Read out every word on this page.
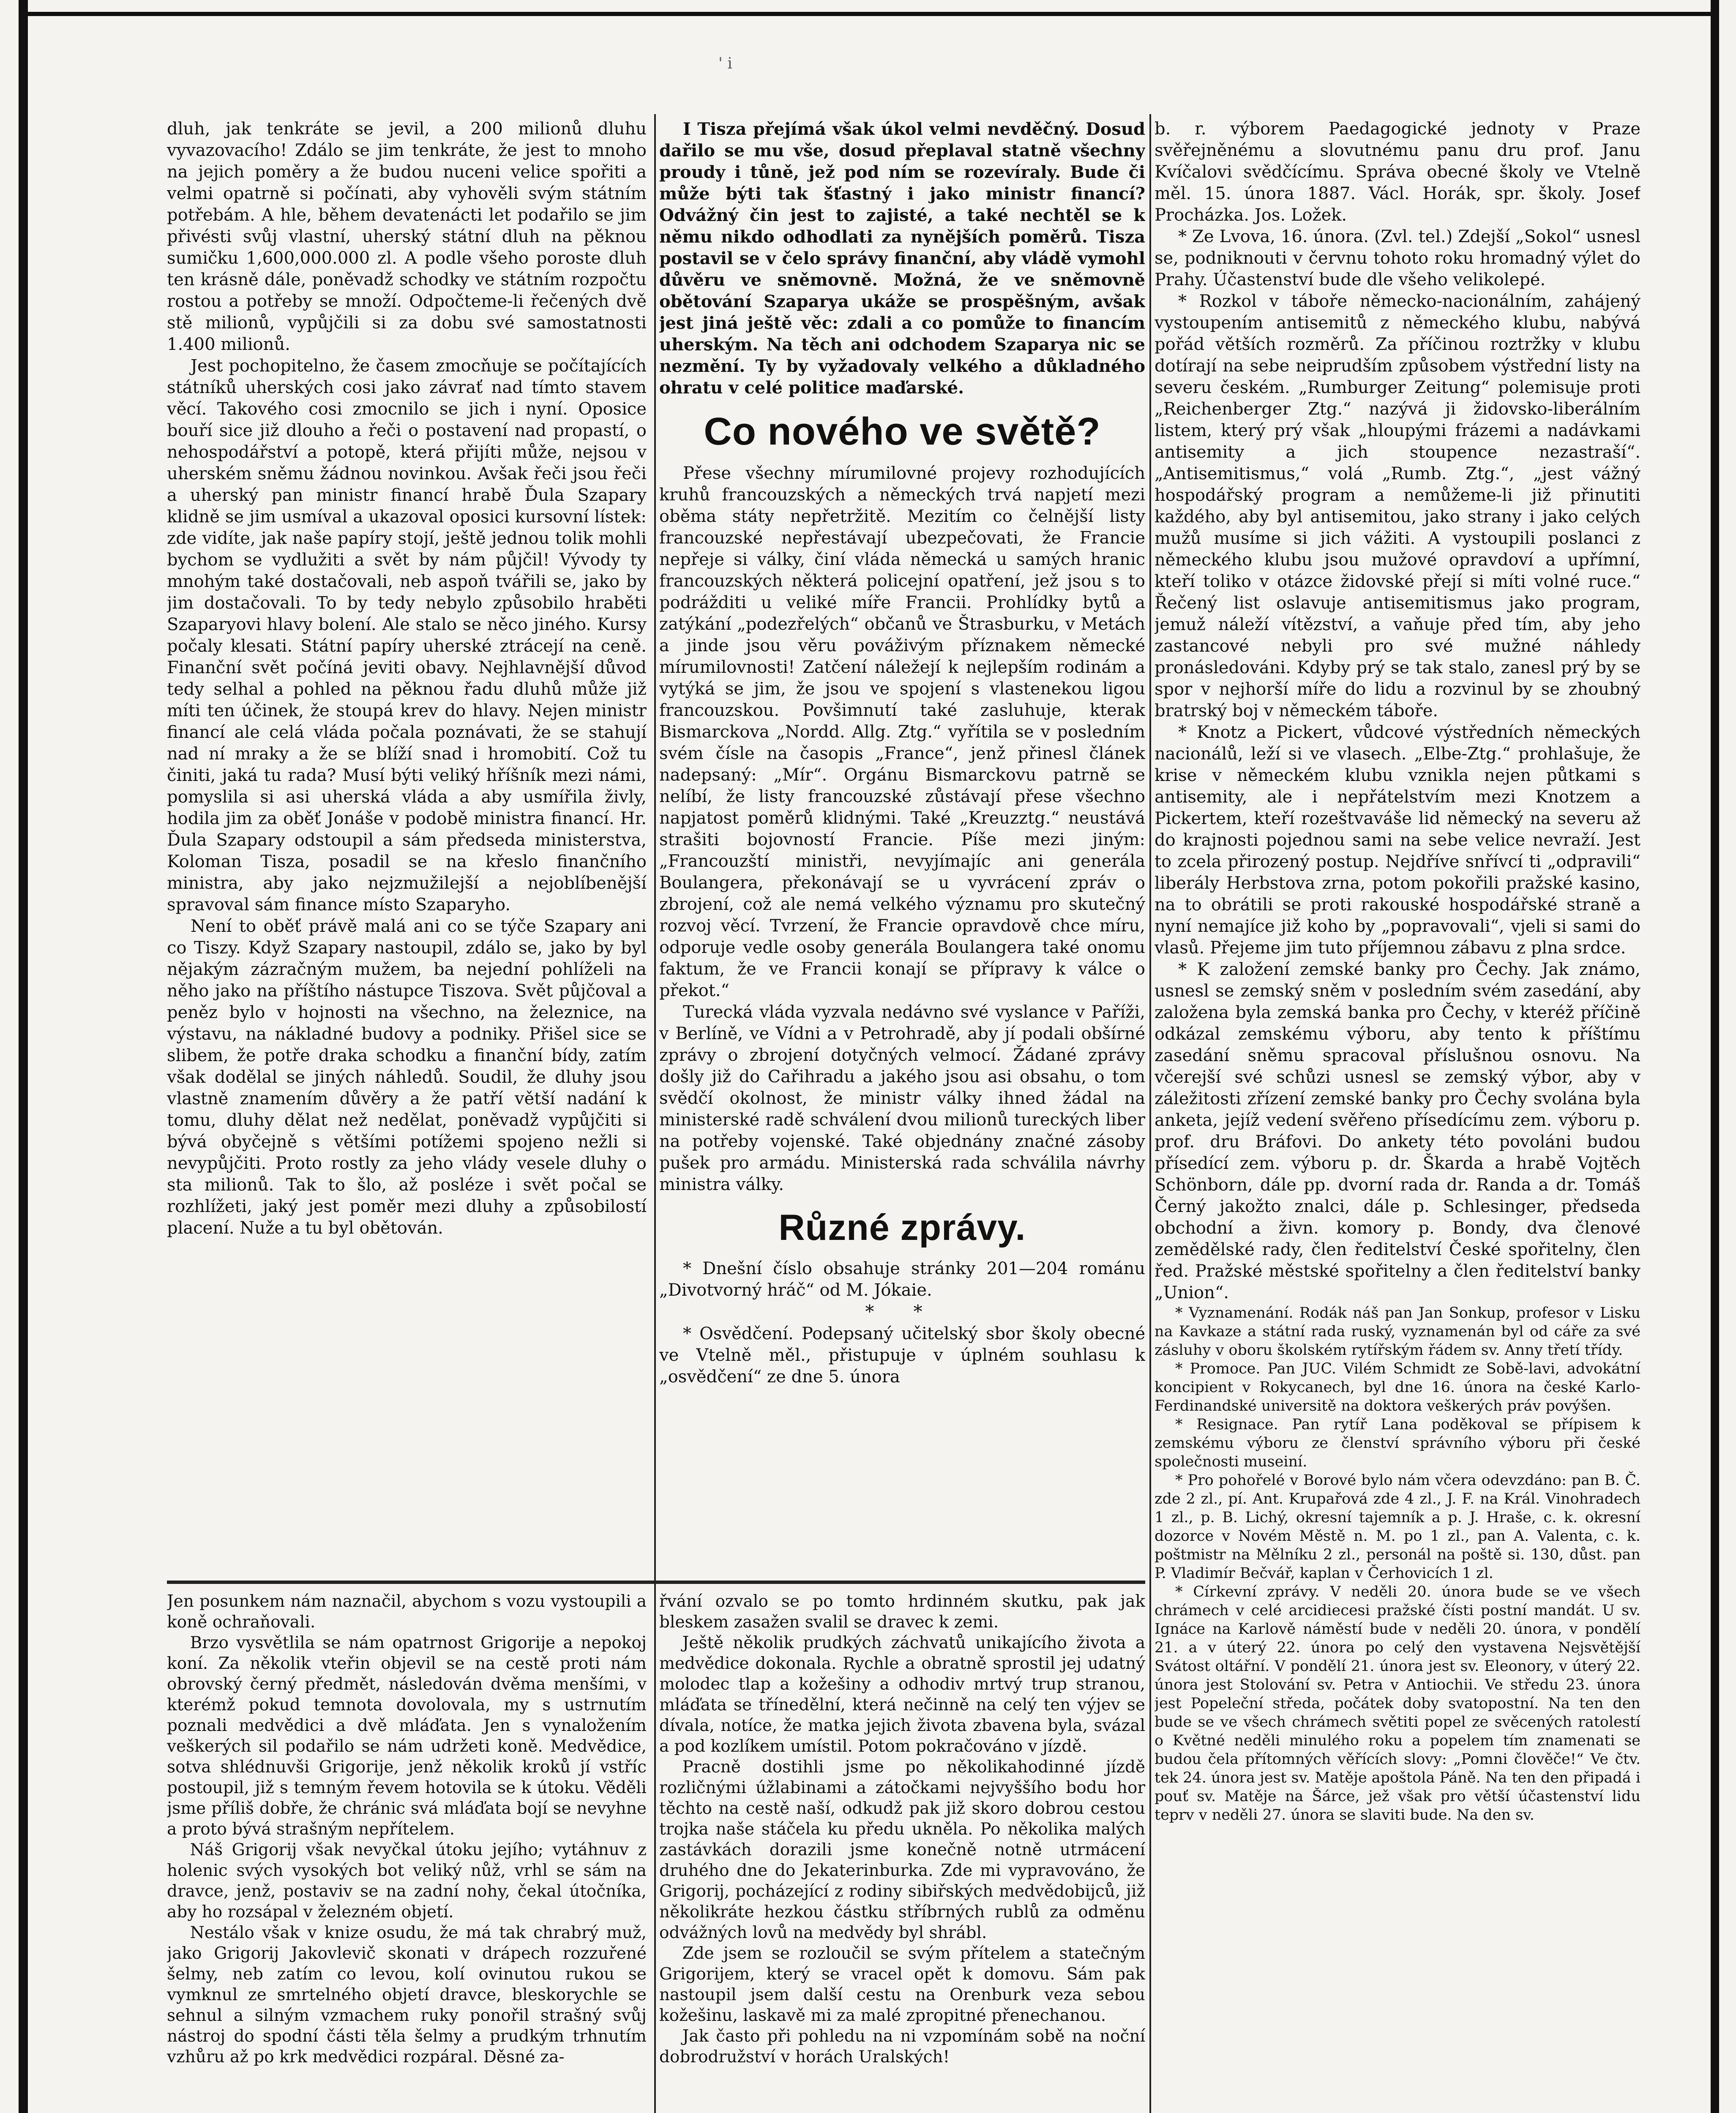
' i

dluh, jak tenkráte se jevil, a 200 milionů dluhu vyvazovacího! Zdálo se jim tenkráte, že jest to mnoho na jejich poměry a že budou nuceni velice spořiti a velmi opatrně si počínati, aby vyhověli svým státním potřebám. A hle, během devatenácti let podařilo se jim přivésti svůj vlastní, uherský státní dluh na pěknou sumičku 1,600,000.000 zl. A podle všeho poroste dluh ten krásně dále, poněvadž schodky ve státním rozpočtu rostou a potřeby se množí. Odpočteme-li řečených dvě stě milionů, vypůjčili si za dobu své samostatnosti 1.400 milionů.

Jest pochopitelno, že časem zmocňuje se počítajících státníků uherských cosi jako závrať nad tímto stavem věcí. Takového cosi zmocnilo se jich i nyní. Oposice bouří sice již dlouho a řeči o postavení nad propastí, o nehospodářství a potopě, která přijíti může, nejsou v uherském sněmu žádnou novinkou. Avšak řeči jsou řeči a uherský pan ministr financí hrabě Ďula Szapary klidně se jim usmíval a ukazoval oposici kursovní lístek: zde vidíte, jak naše papíry stojí, ještě jednou tolik mohli bychom se vydlužiti a svět by nám půjčil! Vývody ty mnohým také dostačovali, neb aspoň tvářili se, jako by jim dostačovali. To by tedy nebylo způsobilo hraběti Szaparyovi hlavy bolení. Ale stalo se něco jiného. Kursy počaly klesati. Státní papíry uherské ztrácejí na ceně. Finanční svět počíná jeviti obavy. Nejhlavnější důvod tedy selhal a pohled na pěknou řadu dluhů může již míti ten účinek, že stoupá krev do hlavy. Nejen ministr financí ale celá vláda počala poznávati, že se stahují nad ní mraky a že se blíží snad i hromobití. Což tu činiti, jaká tu rada? Musí býti veliký hříšník mezi námi, pomyslila si asi uherská vláda a aby usmířila živly, hodila jim za oběť Jonáše v podobě ministra financí. Hr. Ďula Szapary odstoupil a sám předseda ministerstva, Koloman Tisza, posadil se na křeslo finančního ministra, aby jako nejzmužilejší a nejoblíbenější spravoval sám finance místo Szaparyho.

Není to oběť právě malá ani co se týče Szapary ani co Tiszy. Když Szapary nastoupil, zdálo se, jako by byl nějakým zázračným mužem, ba nejední pohlíželi na něho jako na příštího nástupce Tiszova. Svět půjčoval a peněz bylo v hojnosti na všechno, na železnice, na výstavu, na nákladné budovy a podniky. Přišel sice se slibem, že potře draka schodku a finanční bídy, zatím však dodělal se jiných náhledů. Soudil, že dluhy jsou vlastně znamením důvěry a že patří větší nadání k tomu, dluhy dělat než nedělat, poněvadž vypůjčiti si bývá obyčejně s většími potížemi spojeno nežli si nevypůjčiti. Proto rostly za jeho vlády vesele dluhy o sta milionů. Tak to šlo, až posléze i svět počal se rozhlížeti, jaký jest poměr mezi dluhy a způsobilostí placení. Nuže a tu byl obětován.

I Tisza přejímá však úkol velmi nevděčný. Dosud dařilo se mu vše, dosud přeplaval statně všechny proudy i tůně, jež pod ním se rozevíraly. Bude či může býti tak šťastný i jako ministr financí? Odvážný čin jest to zajisté, a také nechtěl se k němu nikdo odhodlati za nynějších poměrů. Tisza postavil se v čelo správy finanční, aby vládě vymohl důvěru ve sněmovně. Možná, že ve sněmovně obětování Szaparya ukáže se prospěšným, avšak jest jiná ještě věc: zdali a co pomůže to financím uherským. Na těch ani odchodem Szaparya nic se nezmění. Ty by vyžadovaly velkého a důkladného ohratu v celé politice maďarské.

Co nového ve světě?

Přese všechny mírumilovné projevy rozhodujících kruhů francouzských a německých trvá napjetí mezi oběma státy nepřetržitě. Mezitím co čelnější listy francouzské nepřestávají ubezpečovati, že Francie nepřeje si války, činí vláda německá u samých hranic francouzských některá policejní opatření, jež jsou s to podrážditi u veliké míře Francii. Prohlídky bytů a zatýkání „podezřelých“ občanů ve Štrasburku, v Metách a jinde jsou věru pováživým příznakem německé mírumilovnosti! Zatčení náležejí k nejlepším rodinám a vytýká se jim, že jsou ve spojení s vlastenekou ligou francouzskou. Povšimnutí také zasluhuje, kterak Bismarckova „Nordd. Allg. Ztg.“ vyřítila se v posledním svém čísle na časopis „France“, jenž přinesl článek nadepsaný: „Mír“. Orgánu Bismarckovu patrně se nelíbí, že listy francouzské zůstávají přese všechno napjatost poměrů klidnými. Také „Kreuzztg.“ neustává strašiti bojovností Francie. Píše mezi jiným: „Francouzští ministři, nevyjímajíc ani generála Boulangera, překonávají se u vyvrácení zpráv o zbrojení, což ale nemá velkého významu pro skutečný rozvoj věcí. Tvrzení, že Francie opravdově chce míru, odporuje vedle osoby generála Boulangera také onomu faktum, že ve Francii konají se přípravy k válce o překot.“

Turecká vláda vyzvala nedávno své vyslance v Paříži, v Berlíně, ve Vídni a v Petrohradě, aby jí podali obšírné zprávy o zbrojení dotyčných velmocí. Žádané zprávy došly již do Cařihradu a jakého jsou asi obsahu, o tom svědčí okolnost, že ministr války ihned žádal na ministerské radě schválení dvou milionů tureckých liber na potřeby vojenské. Také objednány značné zásoby pušek pro armádu. Ministerská rada schválila návrhy ministra války.

Různé zprávy.

* Dnešní číslo obsahuje stránky 201—204 románu „Divotvorný hráč“ od M. Jókaie.

* *

* Osvědčení. Podepsaný učitelský sbor školy obecné ve Vtelně měl., přistupuje v úplném souhlasu k „osvědčení“ ze dne 5. února

Jen posunkem nám naznačil, abychom s vozu vystoupili a koně ochraňovali.

Brzo vysvětlila se nám opatrnost Grigorije a nepokoj koní. Za několik vteřin objevil se na cestě proti nám obrovský černý předmět, následován dvěma menšími, v kterémž pokud temnota dovolovala, my s ustrnutím poznali medvědici a dvě mláďata. Jen s vynaložením veškerých sil podařilo se nám udržeti koně. Medvědice, sotva shlédnuvši Grigorije, jenž několik kroků jí vstříc postoupil, již s temným řevem hotovila se k útoku. Věděli jsme příliš dobře, že chránic svá mláďata bojí se nevyhne a proto bývá strašným nepřítelem.

Náš Grigorij však nevyčkal útoku jejího; vytáhnuv z holenic svých vysokých bot veliký nůž, vrhl se sám na dravce, jenž, postaviv se na zadní nohy, čekal útočníka, aby ho rozsápal v železném objetí.

Nestálo však v knize osudu, že má tak chrabrý muž, jako Grigorij Jakovlevič skonati v drápech rozzuřené šelmy, neb zatím co levou, kolí ovinutou rukou se vymknul ze smrtelného objetí dravce, bleskorychle se sehnul a silným vzmachem ruky ponořil strašný svůj nástroj do spodní části těla šelmy a prudkým trhnutím vzhůru až po krk medvědici rozpáral. Děsné za-

řvání ozvalo se po tomto hrdinném skutku, pak jak bleskem zasažen svalil se dravec k zemi.

Ještě několik prudkých záchvatů unikajícího života a medvědice dokonala. Rychle a obratně sprostil jej udatný molodec tlap a kožešiny a odhodiv mrtvý trup stranou, mláďata se třínedělní, která nečinně na celý ten výjev se dívala, notíce, že matka jejich života zbavena byla, svázal a pod kozlíkem umístil. Potom pokračováno v jízdě.

Pracně dostihli jsme po několikahodinné jízdě rozličnými úžlabinami a zátočkami nejvyššího bodu hor těchto na cestě naší, odkudž pak již skoro dobrou cestou trojka naše stáčela ku předu ukněla. Po několika malých zastávkách dorazili jsme konečně notně utrmácení druhého dne do Jekaterinburka. Zde mi vypravováno, že Grigorij, pocházející z rodiny sibiřských medvědobijců, již několikráte hezkou částku stříbrných rublů za odměnu odvážných lovů na medvědy byl shrábl.

Zde jsem se rozloučil se svým přítelem a statečným Grigorijem, který se vracel opět k domovu. Sám pak nastoupil jsem další cestu na Orenburk veza sebou kožešinu, laskavě mi za malé zpropitné přenechanou.

Jak často při pohledu na ni vzpomínám sobě na noční dobrodružství v horách Uralských!

b. r. výborem Paedagogické jednoty v Praze svěřejněnému a slovutnému panu dru prof. Janu Kvíčalovi svědčícímu. Správa obecné školy ve Vtelně měl. 15. února 1887. Václ. Horák, spr. školy. Josef Procházka. Jos. Ložek.

* Ze Lvova, 16. února. (Zvl. tel.) Zdejší „Sokol“ usnesl se, podniknouti v červnu tohoto roku hromadný výlet do Prahy. Účastenství bude dle všeho velikolepé.

* Rozkol v táboře německo-nacionálním, zahájený vystoupením antisemitů z německého klubu, nabývá pořád větších rozměrů. Za příčinou roztržky v klubu dotírají na sebe neiprudším způsobem výstřední listy na severu českém. „Rumburger Zeitung“ polemisuje proti „Reichenberger Ztg.“ nazývá ji židovsko-liberálním listem, který prý však „hloupými frázemi a nadávkami antisemity a jich stoupence nezastraší“. „Antisemitismus,“ volá „Rumb. Ztg.“, „jest vážný hospodářský program a nemůžeme-li již přinutiti každého, aby byl antisemitou, jako strany i jako celých mužů musíme si jich vážiti. A vystoupili poslanci z německého klubu jsou mužové opravdoví a upřímní, kteří toliko v otázce židovské přejí si míti volné ruce.“ Řečený list oslavuje antisemitismus jako program, jemuž náleží vítězství, a vaňuje před tím, aby jeho zastancové nebyli pro své mužné náhledy pronásledováni. Kdyby prý se tak stalo, zanesl prý by se spor v nejhorší míře do lidu a rozvinul by se zhoubný bratrský boj v německém táboře.

* Knotz a Pickert, vůdcové výstředních německých nacionálů, leží si ve vlasech. „Elbe-Ztg.“ prohlašuje, že krise v německém klubu vznikla nejen půtkami s antisemity, ale i nepřátelstvím mezi Knotzem a Pickertem, kteří rozeštvaváše lid německý na severu až do krajnosti pojednou sami na sebe velice nevraží. Jest to zcela přirozený postup. Nejdříve snřívcí ti „odpravili“ liberály Herbstova zrna, potom pokořili pražské kasino, na to obrátili se proti rakouské hospodářské straně a nyní nemajíce již koho by „popravovali“, vjeli si sami do vlasů. Přejeme jim tuto příjemnou zábavu z plna srdce.

* K založení zemské banky pro Čechy. Jak známo, usnesl se zemský sněm v posledním svém zasedání, aby založena byla zemská banka pro Čechy, v kteréž příčině odkázal zemskému výboru, aby tento k příštímu zasedání sněmu spracoval příslušnou osnovu. Na včerejší své schůzi usnesl se zemský výbor, aby v záležitosti zřízení zemské banky pro Čechy svolána byla anketa, jejíž vedení svěřeno přísedícímu zem. výboru p. prof. dru Bráfovi. Do ankety této povoláni budou přísedící zem. výboru p. dr. Škarda a hrabě Vojtěch Schönborn, dále pp. dvorní rada dr. Randa a dr. Tomáš Černý jakožto znalci, dále p. Schlesinger, předseda obchodní a živn. komory p. Bondy, dva členové zemědělské rady, člen ředitelství České spořitelny, člen řed. Pražské městské spořitelny a člen ředitelství banky „Union“.

* Vyznamenání. Rodák náš pan Jan Sonkup, profesor v Lisku na Kavkaze a státní rada ruský, vyznamenán byl od cáře za své zásluhy v oboru školském rytířským řádem sv. Anny třetí třídy.

* Promoce. Pan JUC. Vilém Schmidt ze Sobě-lavi, advokátní koncipient v Rokycanech, byl dne 16. února na české Karlo-Ferdinandské universitě na doktora veškerých práv povýšen.

* Resignace. Pan rytíř Lana poděkoval se přípisem k zemskému výboru ze členství správního výboru při české společnosti museiní.

* Pro pohořelé v Borové bylo nám včera odevzdáno: pan B. Č. zde 2 zl., pí. Ant. Krupařová zde 4 zl., J. F. na Král. Vinohradech 1 zl., p. B. Lichý, okresní tajemník a p. J. Hraše, c. k. okresní dozorce v Novém Městě n. M. po 1 zl., pan A. Valenta, c. k. poštmistr na Mělníku 2 zl., personál na poště si. 130, důst. pan P. Vladimír Bečvář, kaplan v Čerhovicích 1 zl.

* Církevní zprávy. V neděli 20. února bude se ve všech chrámech v celé arcidiecesi pražské čísti postní mandát. U sv. Ignáce na Karlově náměstí bude v neděli 20. února, v pondělí 21. a v úterý 22. února po celý den vystavena Nejsvětější Svátost oltářní. V pondělí 21. února jest sv. Eleonory, v úterý 22. února jest Stolování sv. Petra v Antiochii. Ve středu 23. února jest Popeleční středa, počátek doby svatopostní. Na ten den bude se ve všech chrámech světiti popel ze svěcených ratolestí o Květné neděli minulého roku a popelem tím znamenati se budou čela přítomných věřících slovy: „Pomni člověče!“ Ve čtv. tek 24. února jest sv. Matěje apoštola Páně. Na ten den připadá i pouť sv. Matěje na Šárce, jež však pro větší účastenství lidu teprv v neděli 27. února se slaviti bude. Na den sv.
